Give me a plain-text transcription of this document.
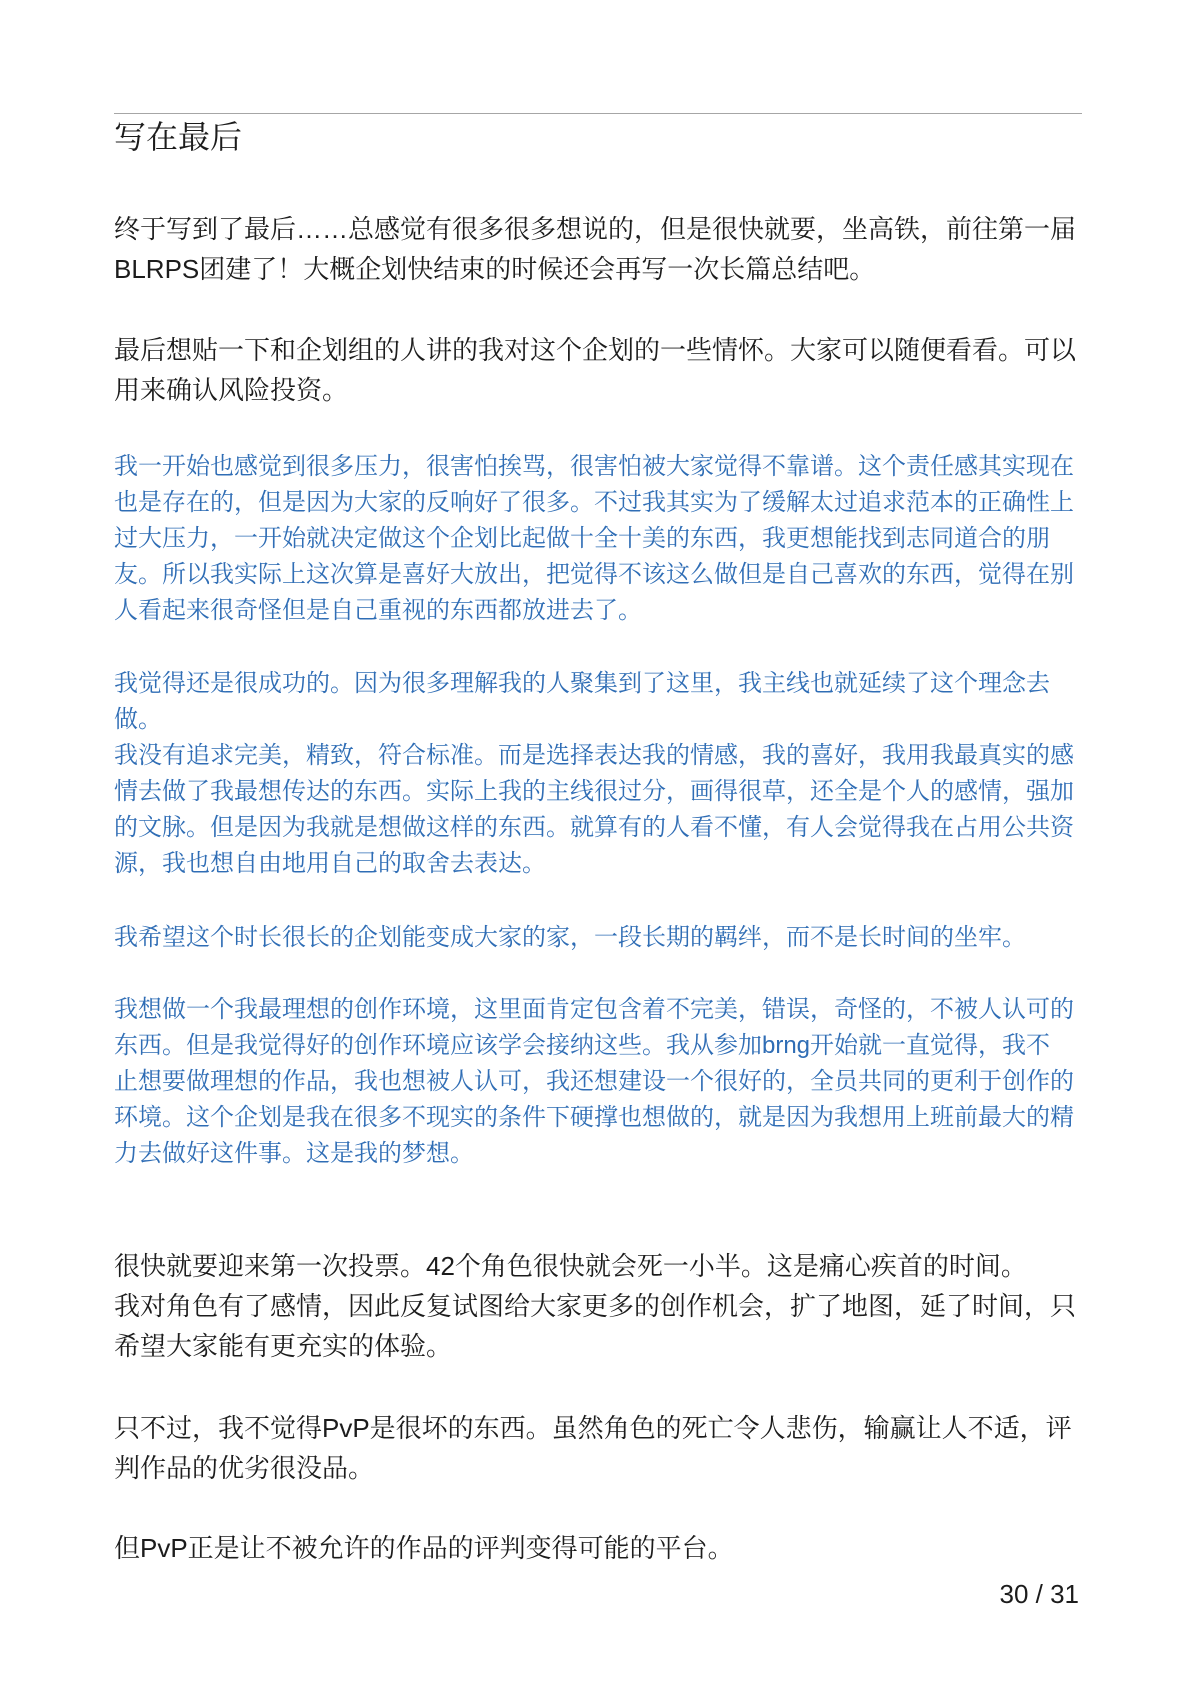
写在最后
终于写到了最后……总感觉有很多很多想说的，但是很快就要，坐高铁，前往第一届
BLRPS团建了！大概企划快结束的时候还会再写一次长篇总结吧。
最后想贴一下和企划组的人讲的我对这个企划的一些情怀。大家可以随便看看。可以
用来确认风险投资。
我一开始也感觉到很多压力，很害怕挨骂，很害怕被大家觉得不靠谱。这个责任感其实现在
也是存在的，但是因为大家的反响好了很多。不过我其实为了缓解太过追求范本的正确性上
过大压力，一开始就决定做这个企划比起做十全十美的东西，我更想能找到志同道合的朋
友。所以我实际上这次算是喜好大放出，把觉得不该这么做但是自己喜欢的东西，觉得在别
人看起来很奇怪但是自己重视的东西都放进去了。
我觉得还是很成功的。因为很多理解我的人聚集到了这里，我主线也就延续了这个理念去
做。
我没有追求完美，精致，符合标准。而是选择表达我的情感，我的喜好，我用我最真实的感
情去做了我最想传达的东西。实际上我的主线很过分，画得很草，还全是个人的感情，强加
的文脉。但是因为我就是想做这样的东西。就算有的人看不懂，有人会觉得我在占用公共资
源，我也想自由地用自己的取舍去表达。
我希望这个时长很长的企划能变成大家的家，一段长期的羁绊，而不是长时间的坐牢。
我想做一个我最理想的创作环境，这里面肯定包含着不完美，错误，奇怪的，不被人认可的
东西。但是我觉得好的创作环境应该学会接纳这些。我从参加brng开始就一直觉得，我不
止想要做理想的作品，我也想被人认可，我还想建设一个很好的，全员共同的更利于创作的
环境。这个企划是我在很多不现实的条件下硬撑也想做的，就是因为我想用上班前最大的精
力去做好这件事。这是我的梦想。
很快就要迎来第一次投票。42个角色很快就会死一小半。这是痛心疾首的时间。
我对角色有了感情，因此反复试图给大家更多的创作机会，扩了地图，延了时间，只
希望大家能有更充实的体验。
只不过，我不觉得PvP是很坏的东西。虽然角色的死亡令人悲伤，输赢让人不适，评
判作品的优劣很没品。
但PvP正是让不被允许的作品的评判变得可能的平台。
30 / 31
